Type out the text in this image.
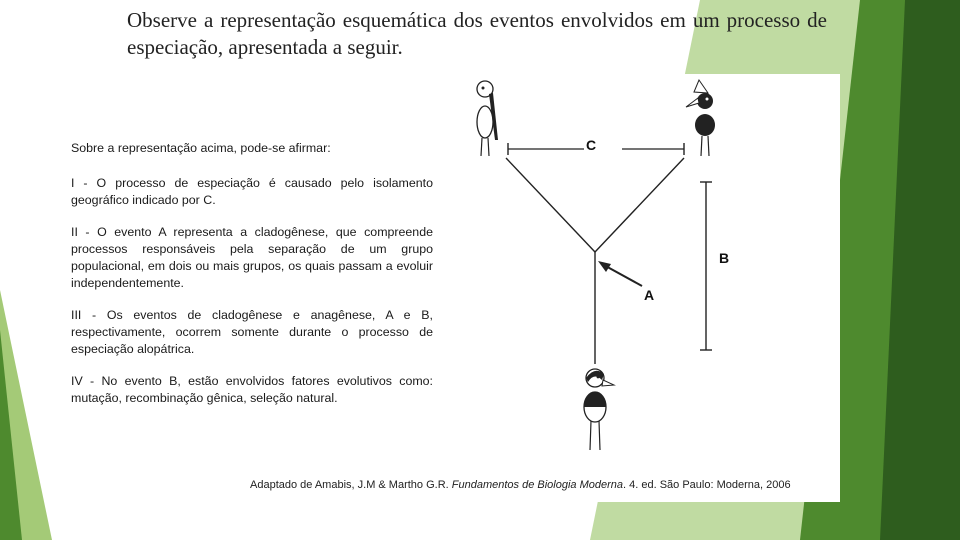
Observe a representação esquemática dos eventos envolvidos em um processo de especiação, apresentada a seguir.
C
B
A

Sobre a representação acima, pode-se afirmar:

I - O processo de especiação é causado pelo isolamento geográfico indicado por C.

II - O evento A representa a cladogênese, que compreende processos responsáveis pela separação de um grupo populacional, em dois ou mais grupos, os quais passam a evoluir independentemente.

III - Os eventos de cladogênese e anagênese, A e B, respectivamente, ocorrem somente durante o processo de especiação alopátrica.

IV - No evento B, estão envolvidos fatores evolutivos como: mutação, recombinação gênica, seleção natural.

Adaptado de Amabis, J.M & Martho G.R. Fundamentos de Biologia Moderna. 4. ed. São Paulo: Moderna, 2006
